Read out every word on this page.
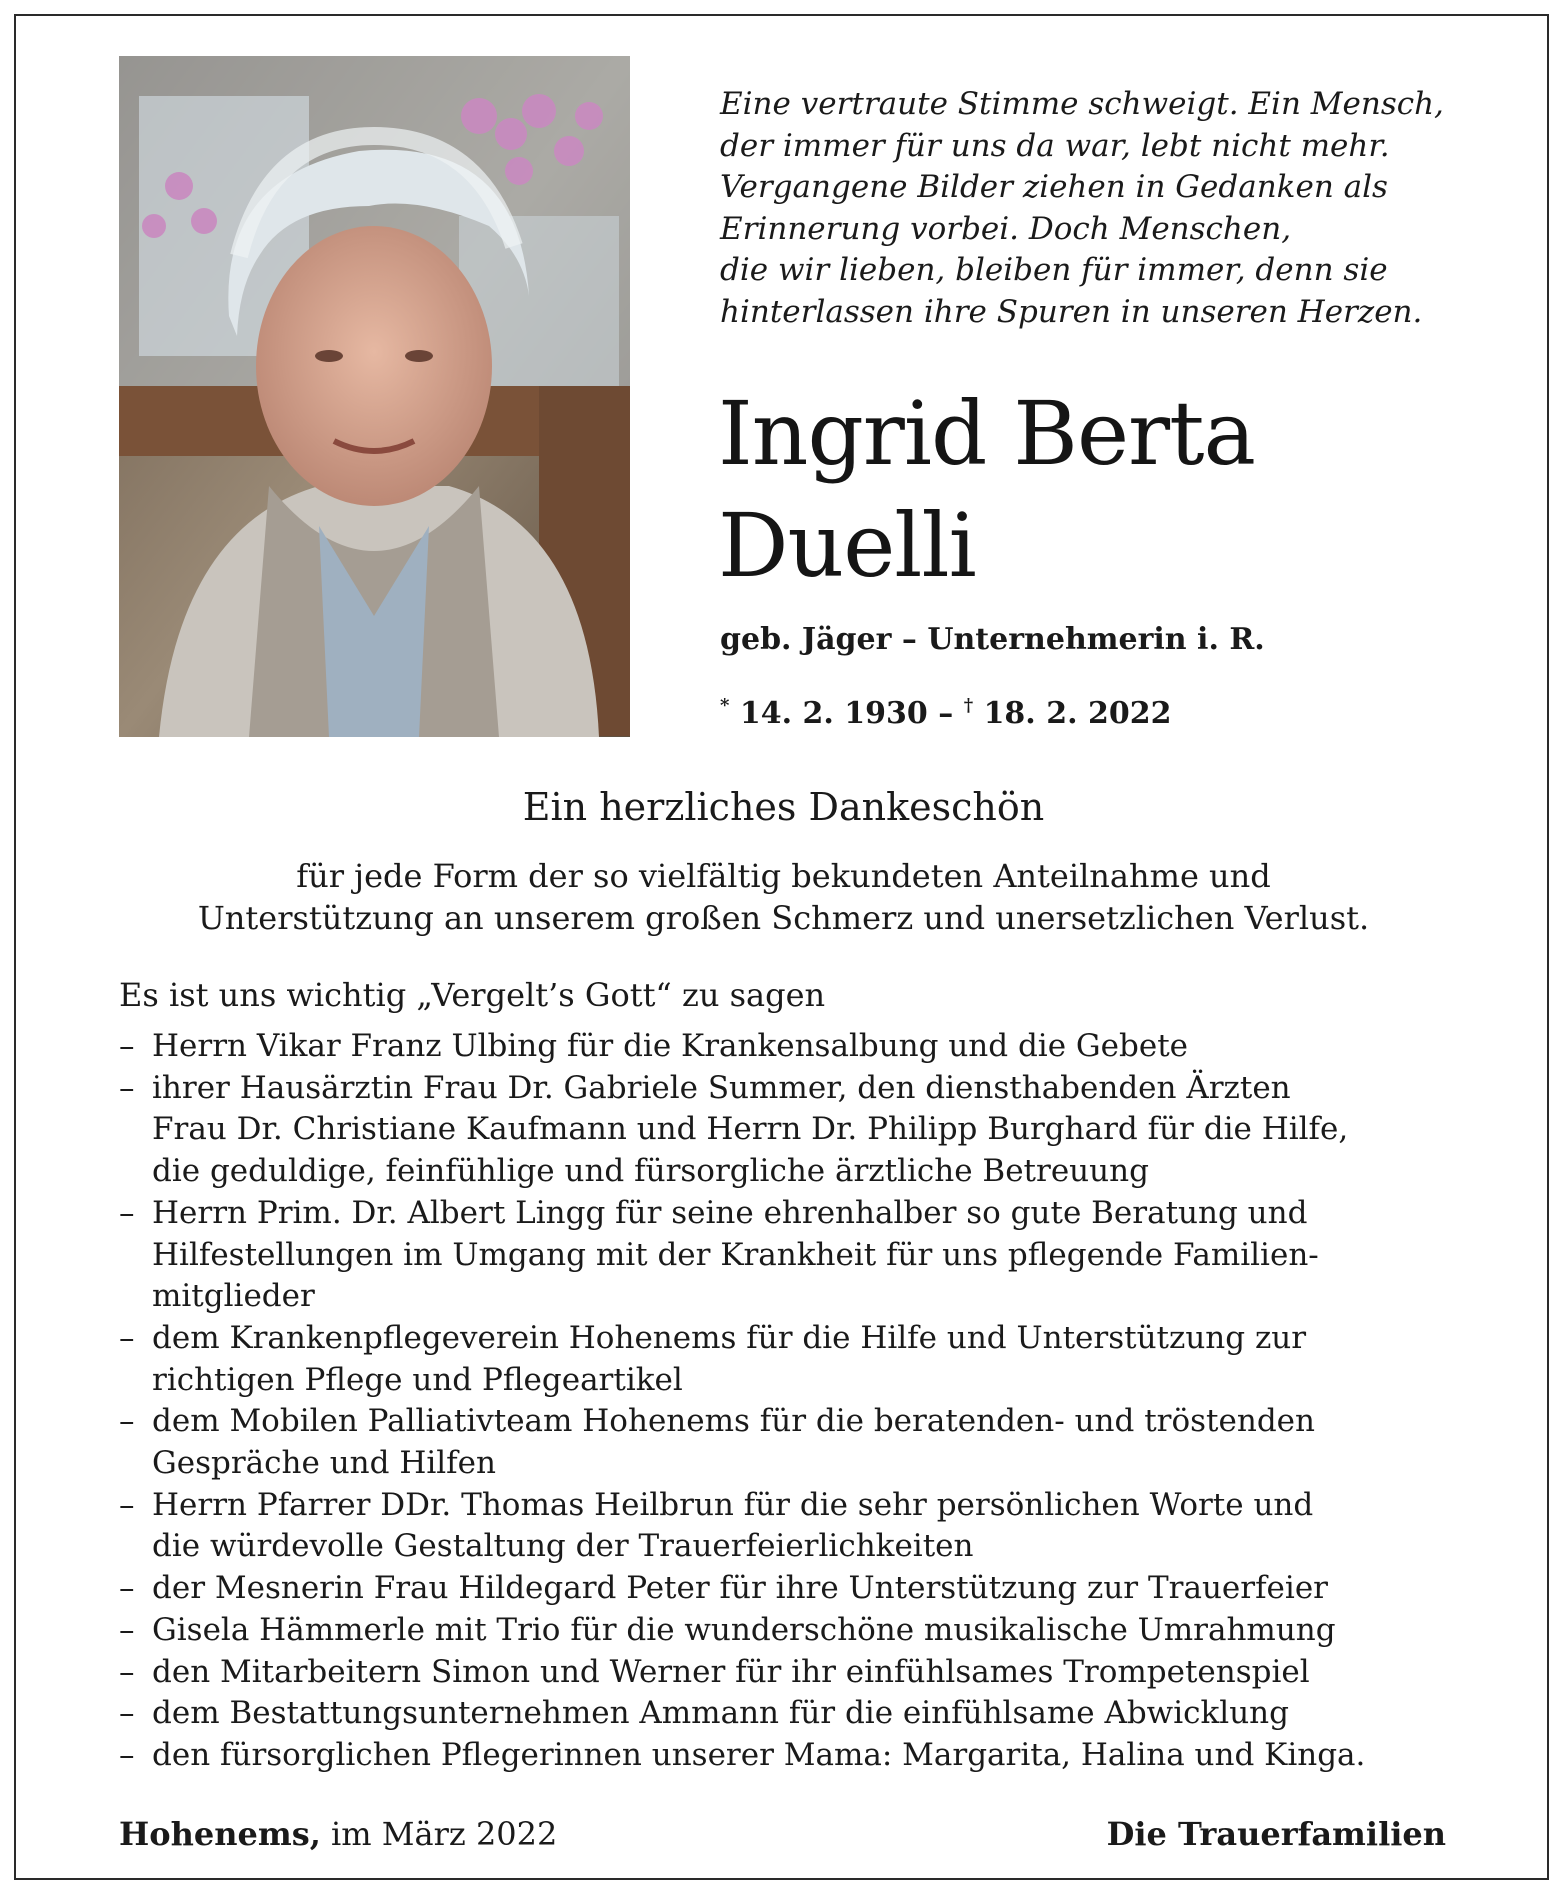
Eine vertraute Stimme schweigt. Ein Mensch,
der immer für uns da war, lebt nicht mehr.
Vergangene Bilder ziehen in Gedanken als
Erinnerung vorbei. Doch Menschen,
die wir lieben, bleiben für immer, denn sie
hinterlassen ihre Spuren in unseren Herzen.
Ingrid Berta
Duelli
geb. Jäger – Unternehmerin i. R.
* 14. 2. 1930 – † 18. 2. 2022
Ein herzliches Dankeschön
für jede Form der so vielfältig bekundeten Anteilnahme und
Unterstützung an unserem großen Schmerz und unersetzlichen Verlust.
Es ist uns wichtig „Vergelt’s Gott“ zu sagen
– Herrn Vikar Franz Ulbing für die Krankensalbung und die Gebete
– ihrer Hausärztin Frau Dr. Gabriele Summer, den diensthabenden Ärzten
Frau Dr. Christiane Kaufmann und Herrn Dr. Philipp Burghard für die Hilfe,
die geduldige, feinfühlige und fürsorgliche ärztliche Betreuung
– Herrn Prim. Dr. Albert Lingg für seine ehrenhalber so gute Beratung und
Hilfestellungen im Umgang mit der Krankheit für uns pflegende Familien-
mitglieder
– dem Krankenpflegeverein Hohenems für die Hilfe und Unterstützung zur
richtigen Pflege und Pflegeartikel
– dem Mobilen Palliativteam Hohenems für die beratenden- und tröstenden
Gespräche und Hilfen
– Herrn Pfarrer DDr. Thomas Heilbrun für die sehr persönlichen Worte und
die würdevolle Gestaltung der Trauerfeierlichkeiten
– der Mesnerin Frau Hildegard Peter für ihre Unterstützung zur Trauerfeier
– Gisela Hämmerle mit Trio für die wunderschöne musikalische Umrahmung
– den Mitarbeitern Simon und Werner für ihr einfühlsames Trompetenspiel
– dem Bestattungsunternehmen Ammann für die einfühlsame Abwicklung
– den fürsorglichen Pflegerinnen unserer Mama: Margarita, Halina und Kinga.
Hohenems, im März 2022	Die Trauerfamilien
